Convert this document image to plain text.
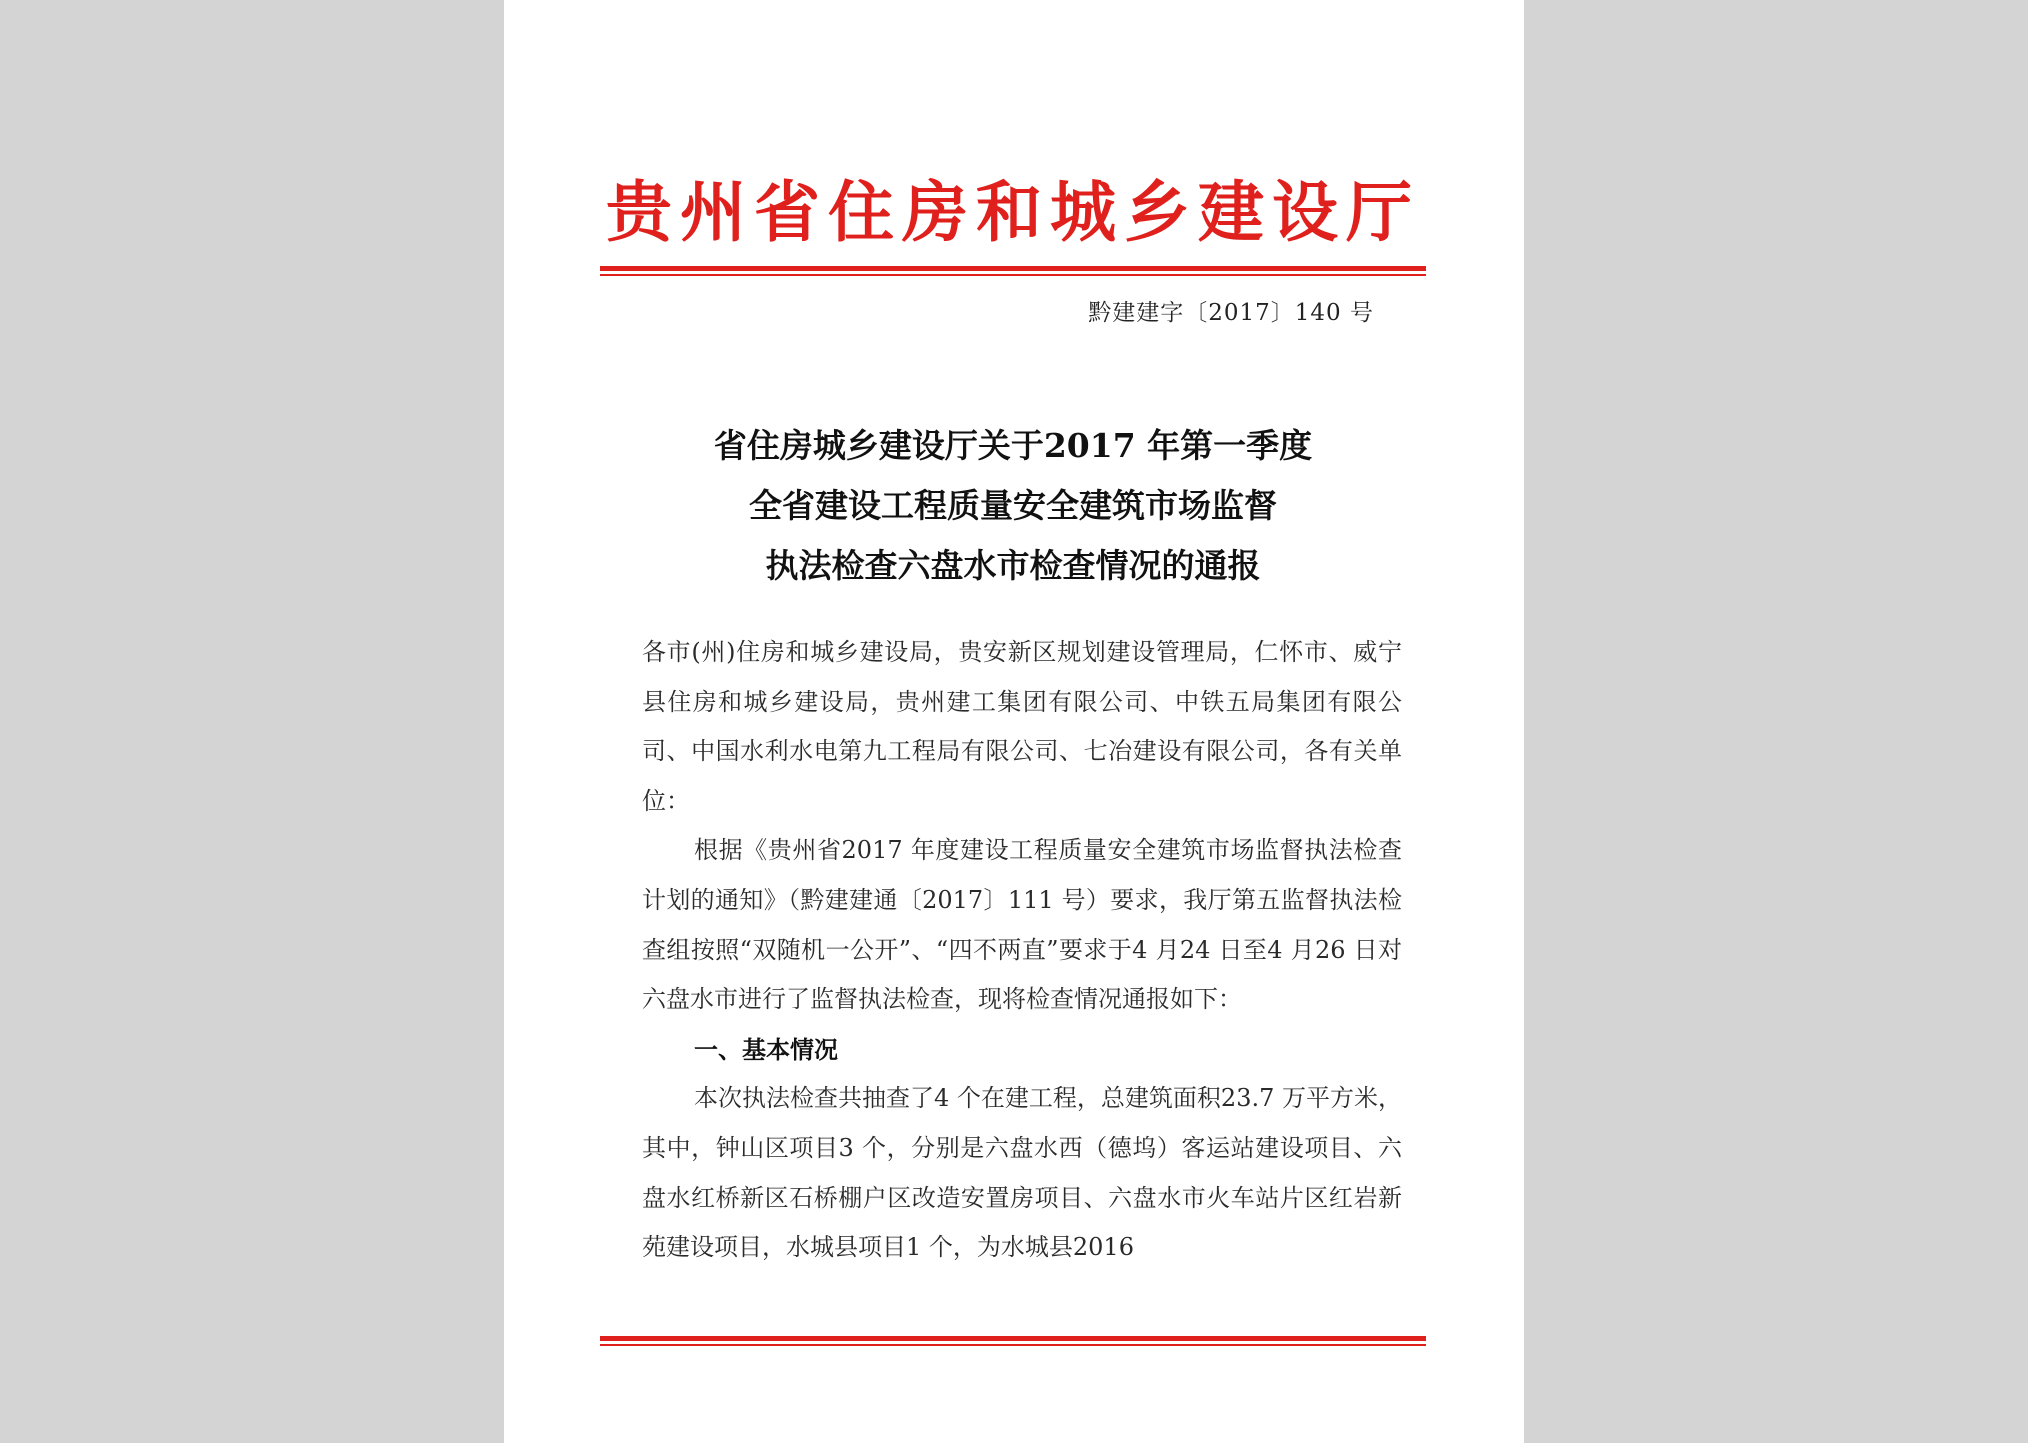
贵州省住房和城乡建设厅
黔建建字〔2017〕140 号
省住房城乡建设厅关于2017 年第一季度
全省建设工程质量安全建筑市场监督
执法检查六盘水市检查情况的通报

各市(州)住房和城乡建设局，贵安新区规划建设管理局，仁怀市、威宁县住房和城乡建设局，贵州建工集团有限公司、中铁五局集团有限公司、中国水利水电第九工程局有限公司、七冶建设有限公司，各有关单位：

根据《贵州省2017 年度建设工程质量安全建筑市场监督执法检查计划的通知》（黔建建通〔2017〕111 号）要求，我厅第五监督执法检查组按照“双随机一公开”、“四不两直”要求于4 月24 日至4 月26 日对六盘水市进行了监督执法检查，现将检查情况通报如下：

一、基本情况

本次执法检查共抽查了4 个在建工程，总建筑面积23.7 万平方米，其中，钟山区项目3 个，分别是六盘水西（德坞）客运站建设项目、六盘水红桥新区石桥棚户区改造安置房项目、六盘水市火车站片区红岩新苑建设项目，水城县项目1 个，为水城县2016
